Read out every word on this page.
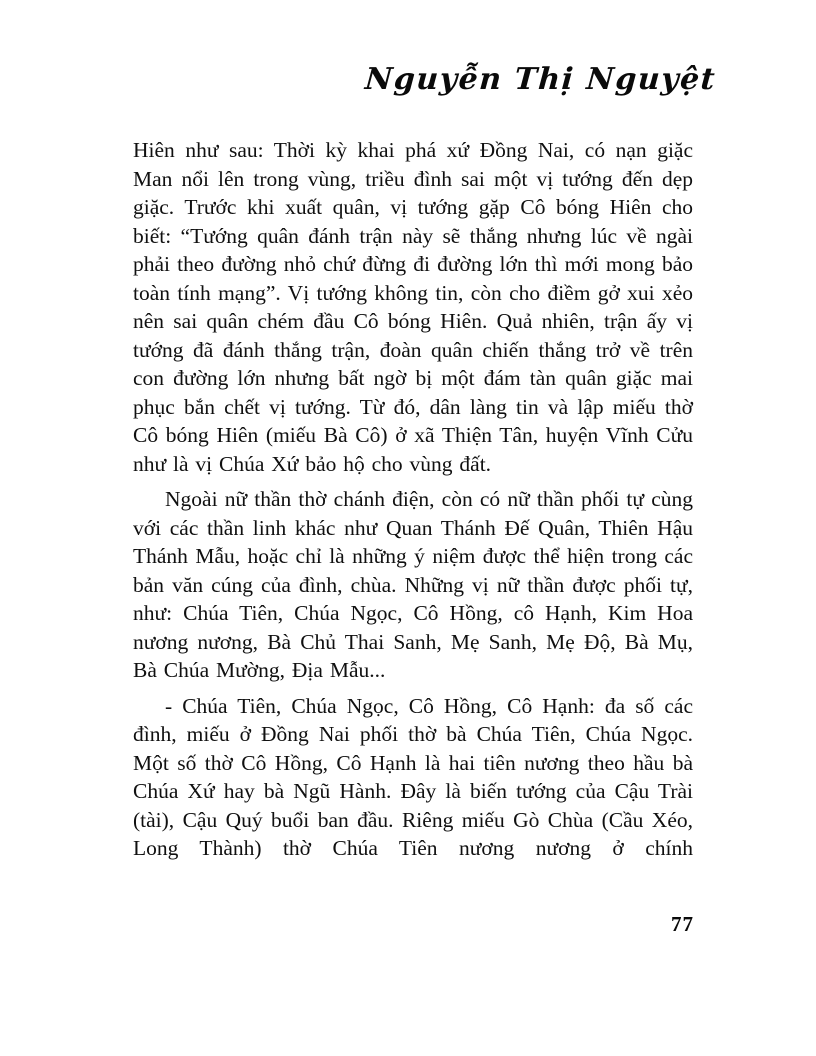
Nguyễn Thị Nguyệt

Hiên như sau: Thời kỳ khai phá xứ Đồng Nai, có nạn giặc Man nổi lên trong vùng, triều đình sai một vị tướng đến dẹp giặc. Trước khi xuất quân, vị tướng gặp Cô bóng Hiên cho biết: “Tướng quân đánh trận này sẽ thắng nhưng lúc về ngài phải theo đường nhỏ chứ đừng đi đường lớn thì mới mong bảo toàn tính mạng”. Vị tướng không tin, còn cho điềm gở xui xẻo nên sai quân chém đầu Cô bóng Hiên. Quả nhiên, trận ấy vị tướng đã đánh thắng trận, đoàn quân chiến thắng trở về trên con đường lớn nhưng bất ngờ bị một đám tàn quân giặc mai phục bắn chết vị tướng. Từ đó, dân làng tin và lập miếu thờ Cô bóng Hiên (miếu Bà Cô) ở xã Thiện Tân, huyện Vĩnh Cửu như là vị Chúa Xứ bảo hộ cho vùng đất.

Ngoài nữ thần thờ chánh điện, còn có nữ thần phối tự cùng với các thần linh khác như Quan Thánh Đế Quân, Thiên Hậu Thánh Mẫu, hoặc chỉ là những ý niệm được thể hiện trong các bản văn cúng của đình, chùa. Những vị nữ thần được phối tự, như: Chúa Tiên, Chúa Ngọc, Cô Hồng, cô Hạnh, Kim Hoa nương nương, Bà Chủ Thai Sanh, Mẹ Sanh, Mẹ Độ, Bà Mụ, Bà Chúa Mường, Địa Mẫu...

- Chúa Tiên, Chúa Ngọc, Cô Hồng, Cô Hạnh: đa số các đình, miếu ở Đồng Nai phối thờ bà Chúa Tiên, Chúa Ngọc. Một số thờ Cô Hồng, Cô Hạnh là hai tiên nương theo hầu bà Chúa Xứ hay bà Ngũ Hành. Đây là biến tướng của Cậu Trài (tài), Cậu Quý buổi ban đầu. Riêng miếu Gò Chùa (Cầu Xéo, Long Thành) thờ Chúa Tiên nương nương ở chính

77
